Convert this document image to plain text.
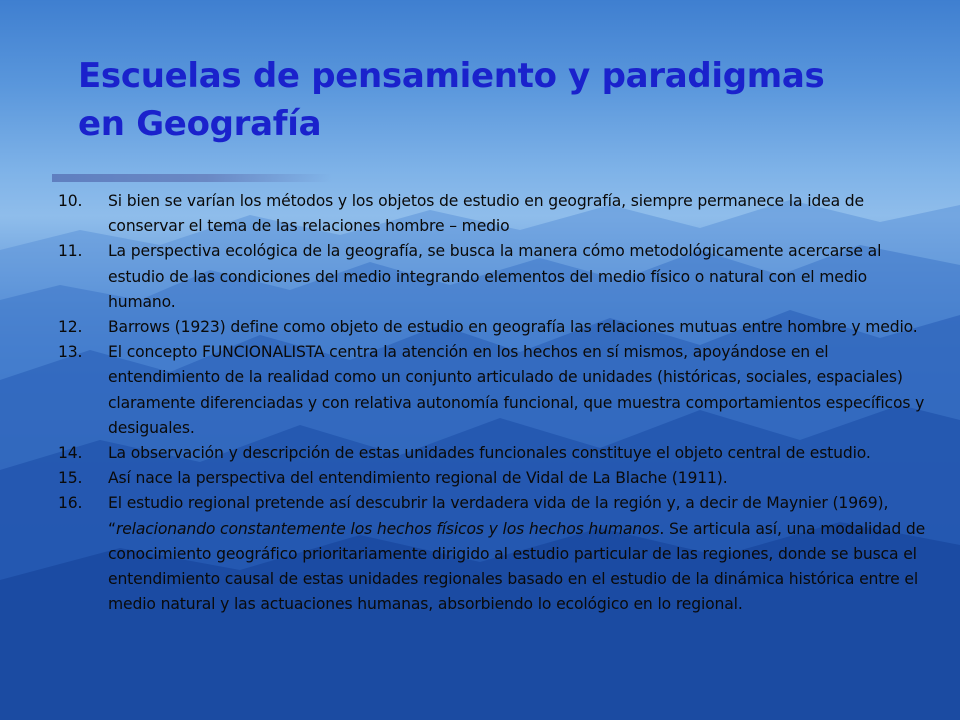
Escuelas de pensamiento y paradigmas
en Geografía
10.	Si bien se varían los métodos y los objetos de estudio en geografía, siempre permanece la idea de conservar el tema de las relaciones hombre – medio
11.	La perspectiva ecológica de la geografía, se busca la manera cómo metodológicamente acercarse al estudio de las condiciones del medio integrando elementos del medio físico o natural con el medio humano.
12.	Barrows (1923) define como objeto de estudio en geografía las relaciones mutuas entre hombre y medio.
13.	El concepto FUNCIONALISTA centra la atención en los hechos en sí mismos, apoyándose en el entendimiento de la realidad como un conjunto articulado de unidades (históricas, sociales, espaciales) claramente diferenciadas y con relativa autonomía funcional, que muestra comportamientos específicos y desiguales.
14.	La observación y descripción de estas unidades funcionales constituye el objeto central de estudio.
15.	Así nace la perspectiva del entendimiento regional de Vidal de La Blache (1911).
16.	El estudio regional pretende así descubrir la verdadera vida de la región y, a decir de Maynier (1969), “relacionando constantemente los hechos físicos y los hechos humanos. Se articula así, una modalidad de conocimiento geográfico prioritariamente dirigido al estudio particular de las regiones, donde se busca el entendimiento causal de estas unidades regionales basado en el estudio de la dinámica histórica entre el medio natural y las actuaciones humanas, absorbiendo lo ecológico en lo regional.
